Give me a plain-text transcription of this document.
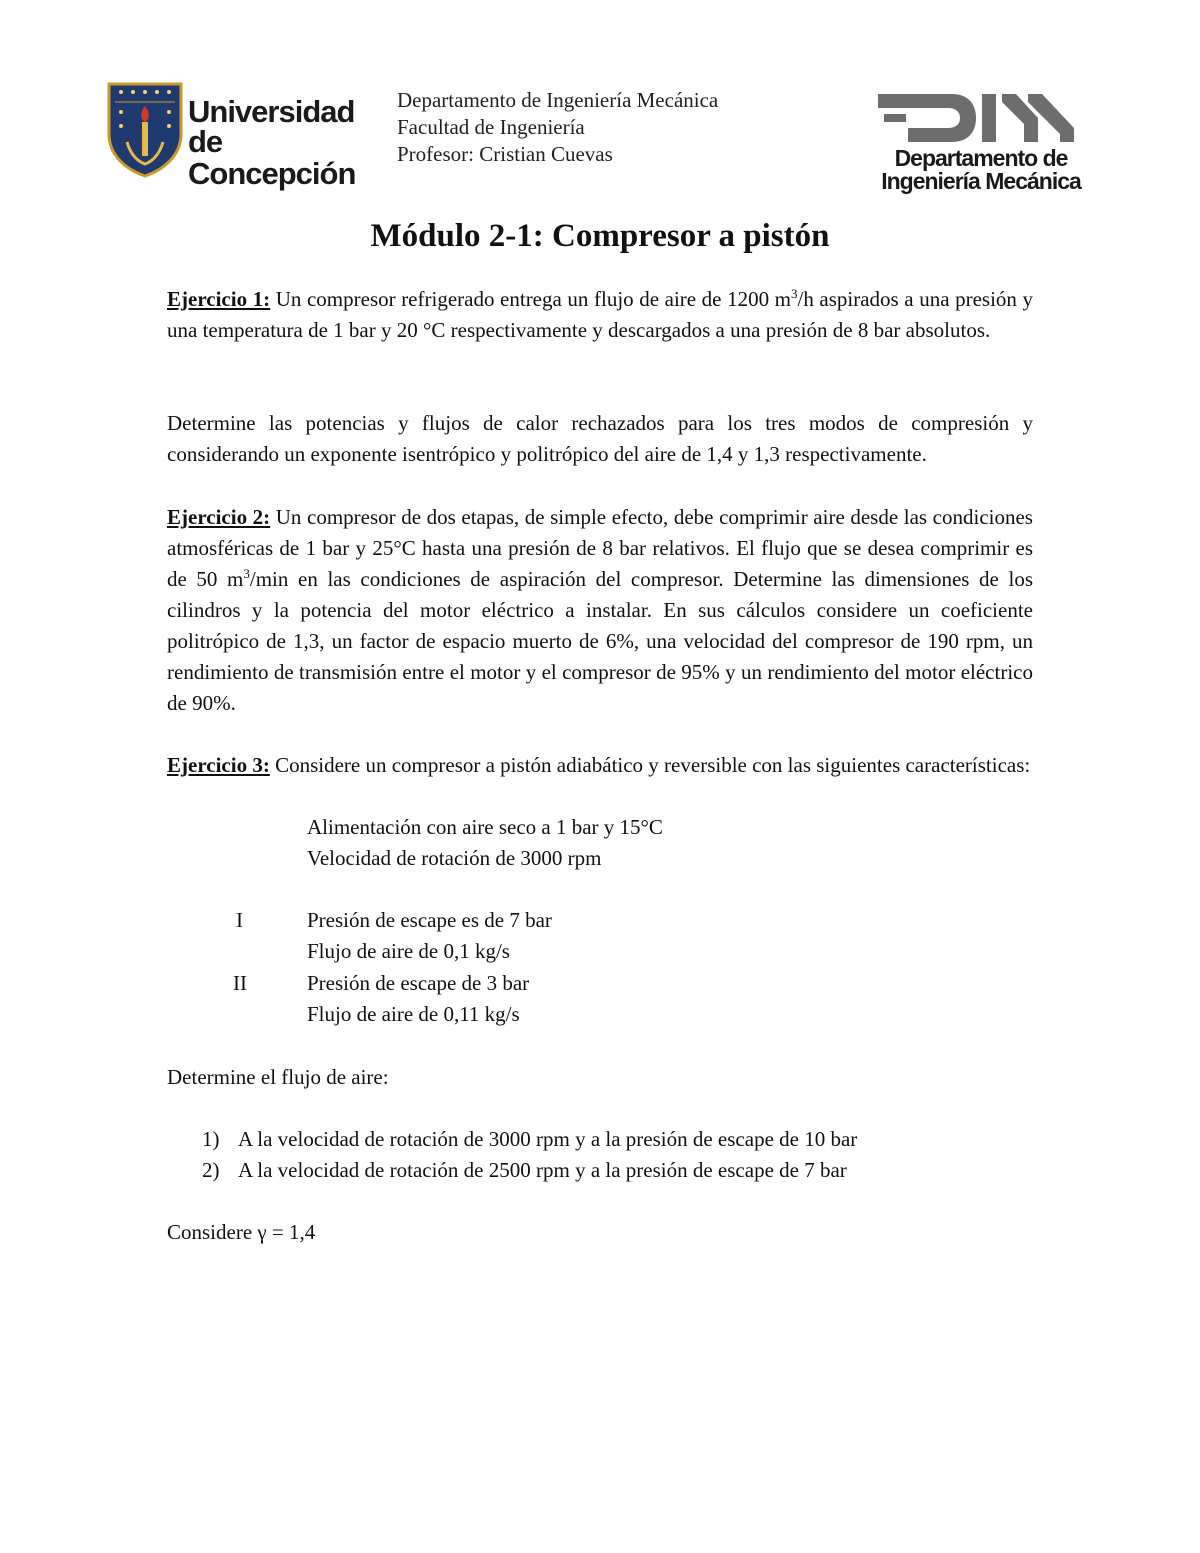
Universidad
de Concepción
Departamento de Ingeniería Mecánica
Facultad de Ingeniería
Profesor: Cristian Cuevas	Departamento de
Ingeniería Mecánica
Módulo 2-1: Compresor a pistón
Ejercicio 1: Un compresor refrigerado entrega un flujo de aire de 1200 $m^3/h$ aspirados a una presión y una temperatura de 1 bar y 20 °C respectivamente y descargados a una presión de 8 bar absolutos.
Determine las potencias y flujos de calor rechazados para los tres modos de compresión y considerando un exponente isentrópico y politrópico del aire de 1,4 y 1,3 respectivamente.
Ejercicio 2: Un compresor de dos etapas, de simple efecto, debe comprimir aire desde las condiciones atmosféricas de 1 bar y 25°C hasta una presión de 8 bar relativos. El flujo que se desea comprimir es de 50 $m^3/\min$ en las condiciones de aspiración del compresor. Determine las dimensiones de los cilindros y la potencia del motor eléctrico a instalar. En sus cálculos considere un coeficiente politrópico de 1,3, un factor de espacio muerto de 6%, una velocidad del compresor de 190 rpm, un rendimiento de transmisión entre el motor y el compresor de 95% y un rendimiento del motor eléctrico de 90%.
Ejercicio 3: Considere un compresor a pistón adiabático y reversible con las siguientes características:
Alimentación con aire seco a 1 bar y 15°C
Velocidad de rotación de 3000 rpm
I	Presión de escape es de 7 bar
Flujo de aire de 0,1 kg/s
II	Presión de escape de 3 bar
Flujo de aire de 0,11 kg/s
Determine el flujo de aire:
1) A la velocidad de rotación de 3000 rpm y a la presión de escape de 10 bar
2) A la velocidad de rotación de 2500 rpm y a la presión de escape de 7 bar
Considere γ = 1,4
